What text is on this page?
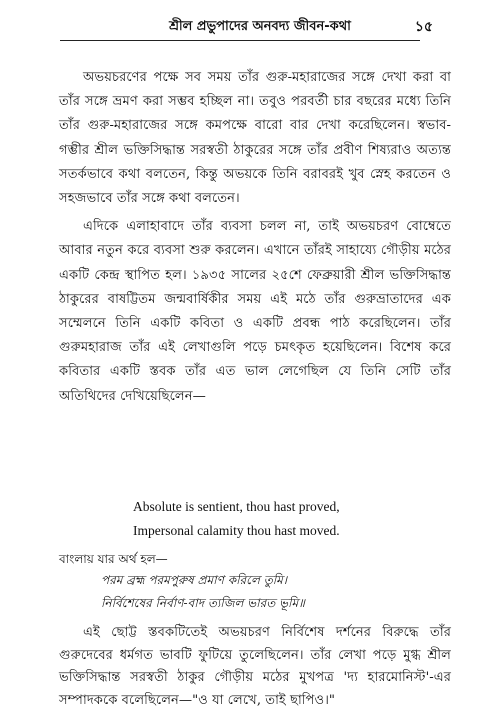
শ্রীল প্রভুপাদের অনবদ্য জীবন-কথা	১৫

অভয়চরণের পক্ষে সব সময় তাঁর গুরু-মহারাজের সঙ্গে দেখা করা বা তাঁর সঙ্গে ভ্রমণ করা সম্ভব হচ্ছিল না। তবুও পরবর্তী চার বছরের মধ্যে তিনি তাঁর গুরু-মহারাজের সঙ্গে কমপক্ষে বারো বার দেখা করেছিলেন। স্বভাব-গম্ভীর শ্রীল ভক্তিসিদ্ধান্ত সরস্বতী ঠাকুরের সঙ্গে তাঁর প্রবীণ শিষ্যরাও অত্যন্ত সতর্কভাবে কথা বলতেন, কিন্তু অভয়কে তিনি বরাবরই খুব স্নেহ করতেন ও সহজভাবে তাঁর সঙ্গে কথা বলতেন।

এদিকে এলাহাবাদে তাঁর ব্যবসা চলল না, তাই অভয়চরণ বোম্বেতে আবার নতুন করে ব্যবসা শুরু করলেন। এখানে তাঁরই সাহায্যে গৌড়ীয় মঠের একটি কেন্দ্র স্থাপিত হল। ১৯৩৫ সালের ২৫শে ফেব্রুয়ারী শ্রীল ভক্তিসিদ্ধান্ত ঠাকুরের বাষট্টিতম জন্মবার্ষিকীর সময় এই মঠে তাঁর গুরুভ্রাতাদের এক সম্মেলনে তিনি একটি কবিতা ও একটি প্রবন্ধ পাঠ করেছিলেন। তাঁর গুরুমহারাজ তাঁর এই লেখাগুলি পড়ে চমৎকৃত হয়েছিলেন। বিশেষ করে কবিতার একটি স্তবক তাঁর এত ভাল লেগেছিল যে তিনি সেটি তাঁর অতিথিদের দেখিয়েছিলেন—

Absolute is sentient, thou hast proved,

Impersonal calamity thou hast moved.

বাংলায় যার অর্থ হল—

পরম ব্রহ্ম পরমপুরুষ প্রমাণ করিলে তুমি।

নির্বিশেষের নির্বাণ-বাদ ত্যজিল ভারত ভূমি॥

এই ছোট্ট স্তবকটিতেই অভয়চরণ নির্বিশেষ দর্শনের বিরুদ্ধে তাঁর গুরুদেবের ধর্মগত ভাবটি ফুটিয়ে তুলেছিলেন। তাঁর লেখা পড়ে মুগ্ধ শ্রীল ভক্তিসিদ্ধান্ত সরস্বতী ঠাকুর গৌড়ীয় মঠের মুখপত্র 'দ্য হারমোনিস্ট'-এর সম্পাদককে বলেছিলেন—"ও যা লেখে, তাই ছাপিও।"
